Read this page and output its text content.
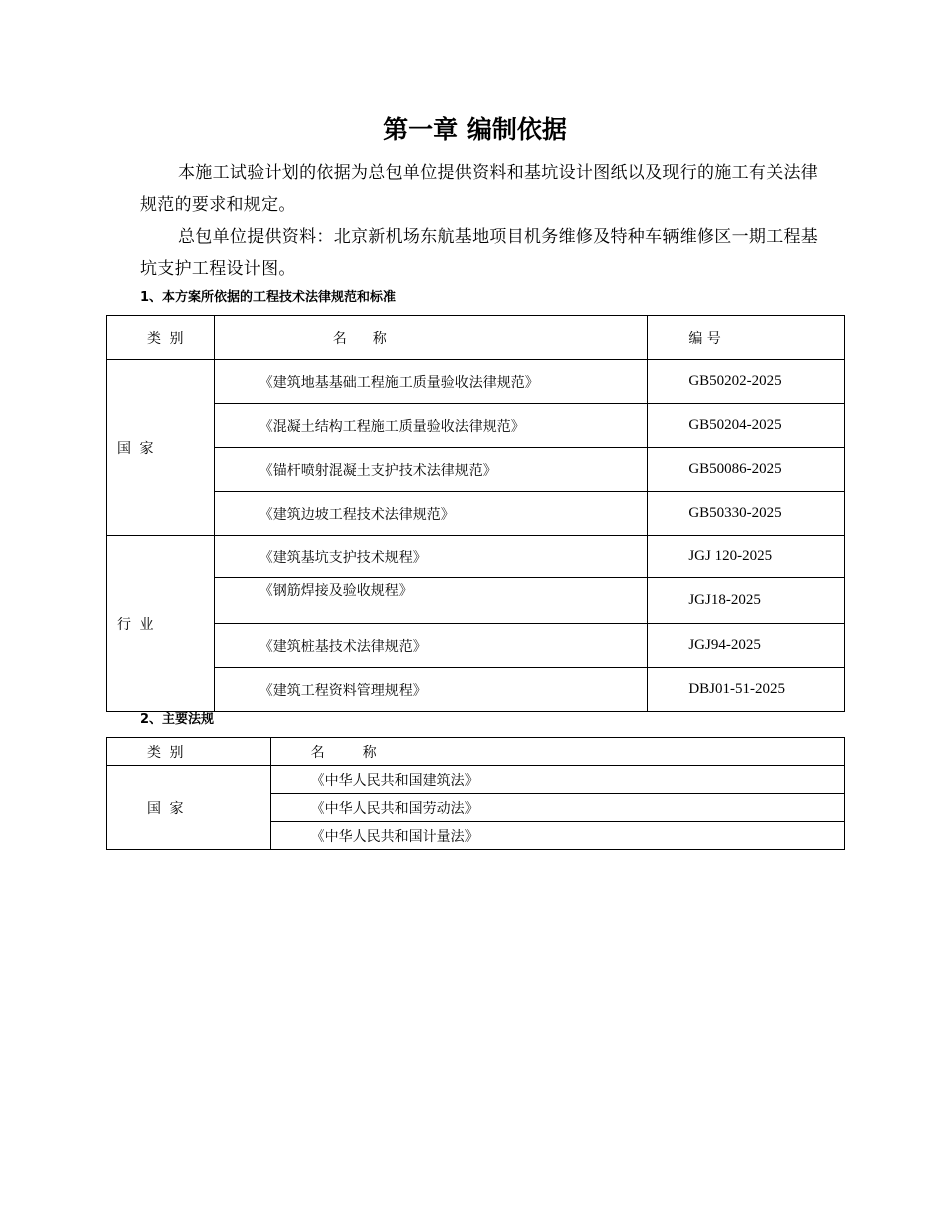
第一章 编制依据
本施工试验计划的依据为总包单位提供资料和基坑设计图纸以及现行的施工有关法律规范的要求和规定。
总包单位提供资料：北京新机场东航基地项目机务维修及特种车辆维修区一期工程基坑支护工程设计图。
1、本方案所依据的工程技术法律规范和标准
类 别	名 称	编 号
国 家	《建筑地基基础工程施工质量验收法律规范》	GB50202-2025
	《混凝土结构工程施工质量验收法律规范》	GB50204-2025
	《锚杆喷射混凝土支护技术法律规范》	GB50086-2025
	《建筑边坡工程技术法律规范》	GB50330-2025
行 业	《建筑基坑支护技术规程》	JGJ 120-2025
	《钢筋焊接及验收规程》	JGJ18-2025
	《建筑桩基技术法律规范》	JGJ94-2025
	《建筑工程资料管理规程》	DBJ01-51-2025
2、主要法规
类 别	名 称
国 家	《中华人民共和国建筑法》
	《中华人民共和国劳动法》
	《中华人民共和国计量法》
